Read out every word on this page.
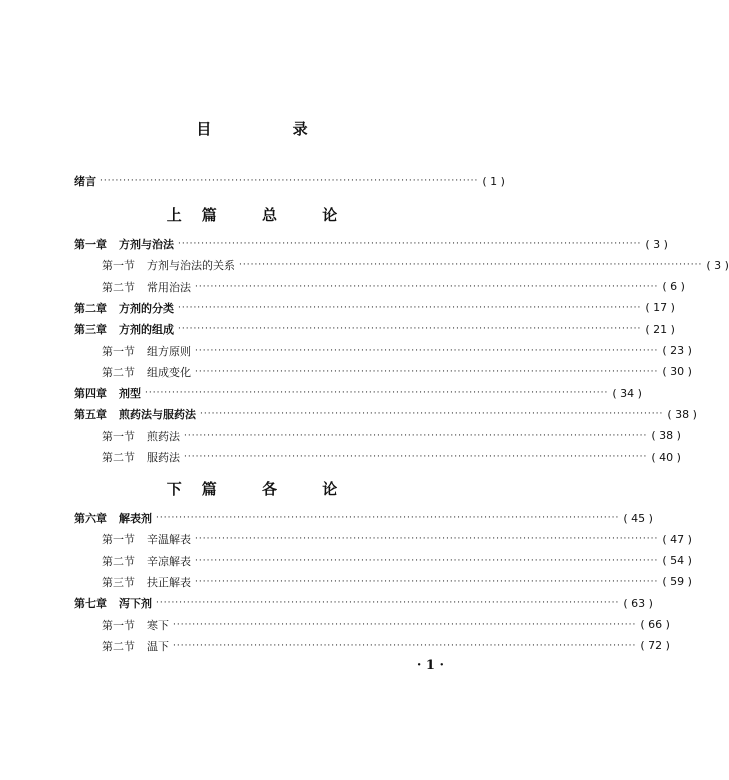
目 录
绪言 ·································································································· ( 1 )
上篇 总 论
第一章 方剂与治法 ························································································································ ( 3 )
第一节 方剂与治法的关系 ························································································································ ( 3 )
第二节 常用治法 ························································································································ ( 6 )
第二章 方剂的分类 ························································································································ ( 17 )
第三章 方剂的组成 ························································································································ ( 21 )
第一节 组方原则 ························································································································ ( 23 )
第二节 组成变化 ························································································································ ( 30 )
第四章 剂型 ························································································································ ( 34 )
第五章 煎药法与服药法 ························································································································ ( 38 )
第一节 煎药法 ························································································································ ( 38 )
第二节 服药法 ························································································································ ( 40 )
下篇 各 论
第六章 解表剂 ························································································································ ( 45 )
第一节 辛温解表 ························································································································ ( 47 )
第二节 辛凉解表 ························································································································ ( 54 )
第三节 扶正解表 ························································································································ ( 59 )
第七章 泻下剂 ························································································································ ( 63 )
第一节 寒下 ························································································································ ( 66 )
第二节 温下 ························································································································ ( 72 )
· 1 ·
